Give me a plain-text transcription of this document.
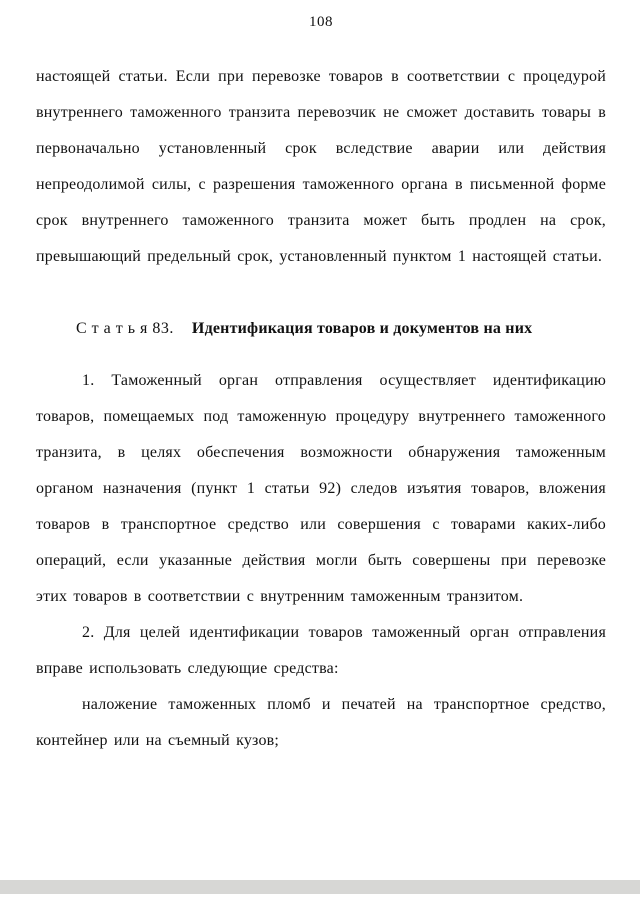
108

настоящей статьи. Если при перевозке товаров в соответствии с процедурой внутреннего таможенного транзита перевозчик не сможет доставить товары в первоначально установленный срок вследствие аварии или действия непреодолимой силы, с разрешения таможенного органа в письменной форме срок внутреннего таможенного транзита может быть продлен на срок, превышающий предельный срок, установленный пунктом 1 настоящей статьи.

С т а т ь я 83. Идентификация товаров и документов на них

1. Таможенный орган отправления осуществляет идентификацию товаров, помещаемых под таможенную процедуру внутреннего таможенного транзита, в целях обеспечения возможности обнаружения таможенным органом назначения (пункт 1 статьи 92) следов изъятия товаров, вложения товаров в транспортное средство или совершения с товарами каких-либо операций, если указанные действия могли быть совершены при перевозке этих товаров в соответствии с внутренним таможенным транзитом.

2. Для целей идентификации товаров таможенный орган отправления вправе использовать следующие средства:

наложение таможенных пломб и печатей на транспортное средство, контейнер или на съемный кузов;
